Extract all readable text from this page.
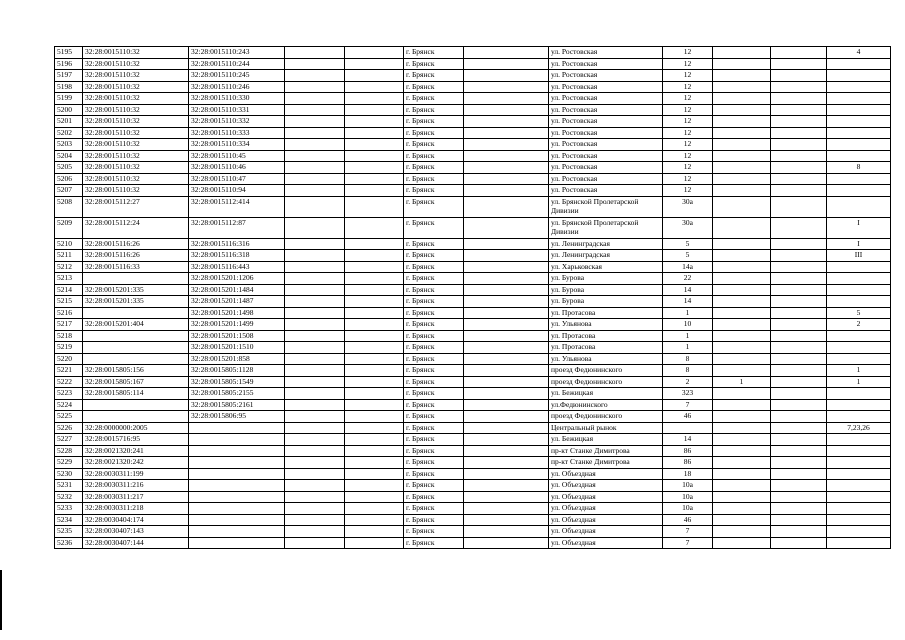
5195	32:28:0015110:32	32:28:0015110:243			г. Брянск		ул. Ростовская	12			4
5196	32:28:0015110:32	32:28:0015110:244			г. Брянск		ул. Ростовская	12			
5197	32:28:0015110:32	32:28:0015110:245			г. Брянск		ул. Ростовская	12			
5198	32:28:0015110:32	32:28:0015110:246			г. Брянск		ул. Ростовская	12			
5199	32:28:0015110:32	32:28:0015110:330			г. Брянск		ул. Ростовская	12			
5200	32:28:0015110:32	32:28:0015110:331			г. Брянск		ул. Ростовская	12			
5201	32:28:0015110:32	32:28:0015110:332			г. Брянск		ул. Ростовская	12			
5202	32:28:0015110:32	32:28:0015110:333			г. Брянск		ул. Ростовская	12			
5203	32:28:0015110:32	32:28:0015110:334			г. Брянск		ул. Ростовская	12			
5204	32:28:0015110:32	32:28:0015110:45			г. Брянск		ул. Ростовская	12			
5205	32:28:0015110:32	32:28:0015110:46			г. Брянск		ул. Ростовская	12			8
5206	32:28:0015110:32	32:28:0015110:47			г. Брянск		ул. Ростовская	12			
5207	32:28:0015110:32	32:28:0015110:94			г. Брянск		ул. Ростовская	12			
5208	32:28:0015112:27	32:28:0015112:414			г. Брянск		ул. Брянской Пролетарской Дивизии	30а			
5209	32:28:0015112:24	32:28:0015112:87			г. Брянск		ул. Брянской Пролетарской Дивизии	30а			I
5210	32:28:0015116:26	32:28:0015116:316			г. Брянск		ул. Ленинградская	5			I
5211	32:28:0015116:26	32:28:0015116:318			г. Брянск		ул. Ленинградская	5			III
5212	32:28:0015116:33	32:28:0015116:443			г. Брянск		ул. Харьковская	14а			
5213		32:28:0015201:1206			г. Брянск		ул. Бурова	22			
5214	32:28:0015201:335	32:28:0015201:1484			г. Брянск		ул. Бурова	14			
5215	32:28:0015201:335	32:28:0015201:1487			г. Брянск		ул. Бурова	14			
5216		32:28:0015201:1498			г. Брянск		ул. Протасова	1			5
5217	32:28:0015201:404	32:28:0015201:1499			г. Брянск		ул. Ульянова	10			2
5218		32:28:0015201:1508			г. Брянск		ул. Протасова	1			
5219		32:28:0015201:1510			г. Брянск		ул. Протасова	1			
5220		32:28:0015201:858			г. Брянск		ул. Ульянова	8			
5221	32:28:0015805:156	32:28:0015805:1128			г. Брянск		проезд Федюнинского	8			1
5222	32:28:0015805:167	32:28:0015805:1549			г. Брянск		проезд Федюнинского	2	1		1
5223	32:28:0015805:114	32:28:0015805:2155			г. Брянск		ул. Бежицкая	323			
5224		32:28:0015805:2161			г. Брянск		ул.Федюнинского	7			
5225		32:28:0015806:95			г. Брянск		проезд Федюнинского	46			
5226	32:28:0000000:2005				г. Брянск		Центральный рынок				7,23,26
5227	32:28:0015716:95				г. Брянск		ул. Бежицкая	14			
5228	32:28:0021320:241				г. Брянск		пр-кт Станке Димитрова	86			
5229	32:28:0021320:242				г. Брянск		пр-кт Станке Димитрова	86			
5230	32:28:0030311:199				г. Брянск		ул. Объездная	18			
5231	32:28:0030311:216				г. Брянск		ул. Объездная	10а			
5232	32:28:0030311:217				г. Брянск		ул. Объездная	10а			
5233	32:28:0030311:218				г. Брянск		ул. Объездная	10а			
5234	32:28:0030404:174				г. Брянск		ул. Объездная	46			
5235	32:28:0030407:143				г. Брянск		ул. Объездная	7			
5236	32:28:0030407:144				г. Брянск		ул. Объездная	7			
